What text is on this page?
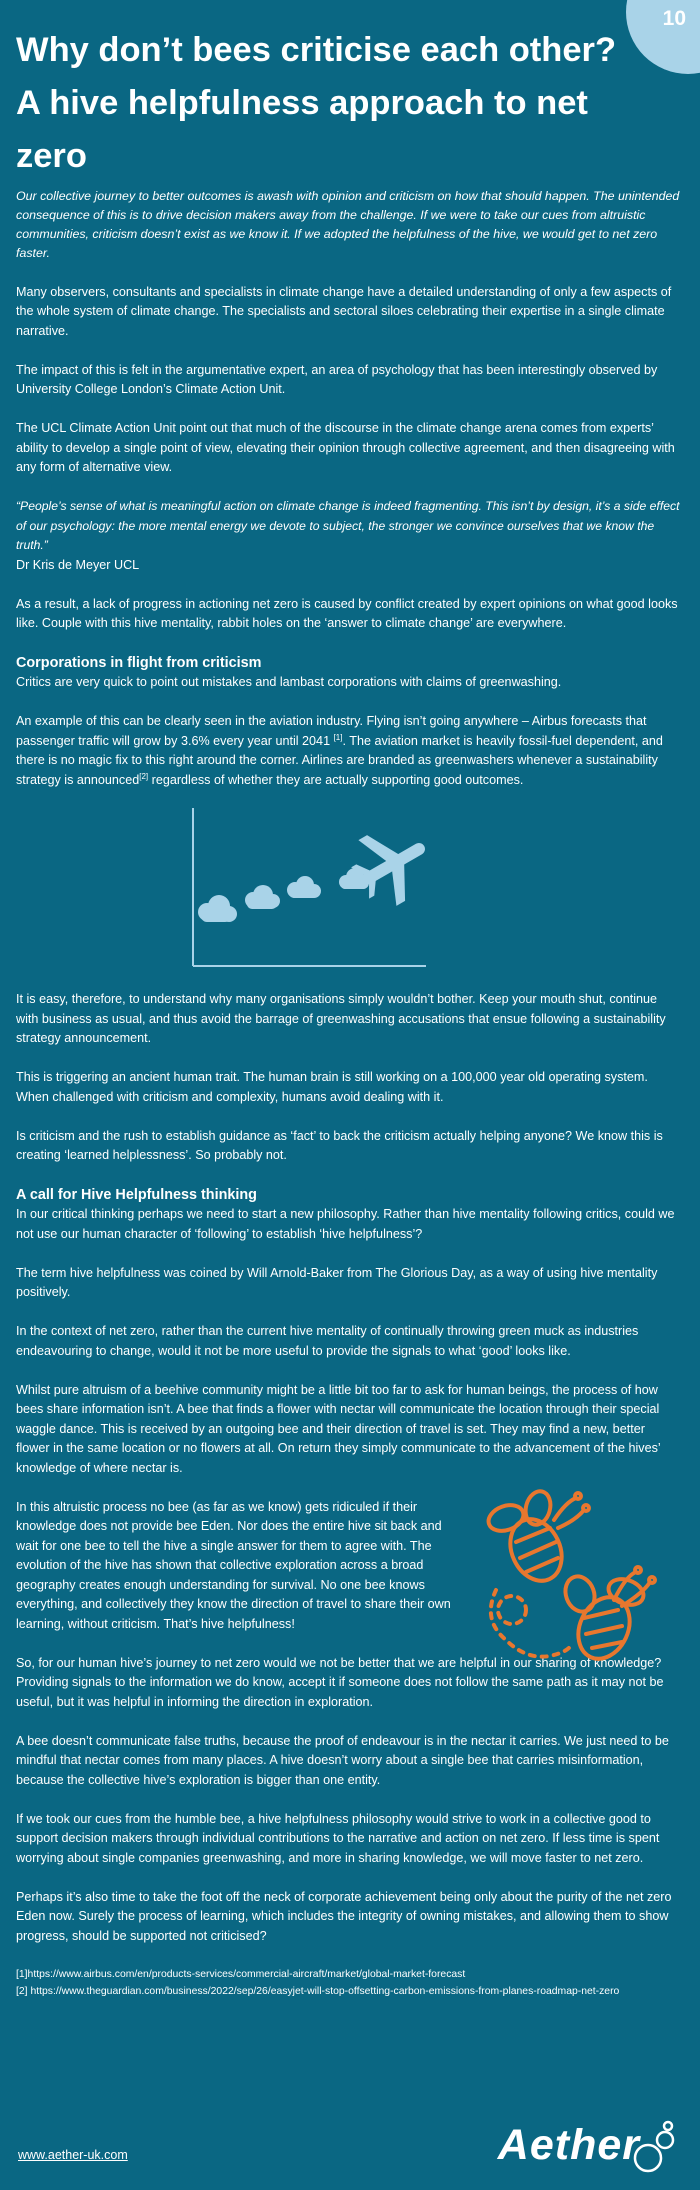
10
Why don’t bees criticise each other? A hive helpfulness approach to net zero

Our collective journey to better outcomes is awash with opinion and criticism on how that should happen. The unintended consequence of this is to drive decision makers away from the challenge. If we were to take our cues from altruistic communities, criticism doesn’t exist as we know it. If we adopted the helpfulness of the hive, we would get to net zero faster.

Many observers, consultants and specialists in climate change have a detailed understanding of only a few aspects of the whole system of climate change. The specialists and sectoral siloes celebrating their expertise in a single climate narrative.

The impact of this is felt in the argumentative expert, an area of psychology that has been interestingly observed by University College London’s Climate Action Unit.

The UCL Climate Action Unit point out that much of the discourse in the climate change arena comes from experts’ ability to develop a single point of view, elevating their opinion through collective agreement, and then disagreeing with any form of alternative view.

“People’s sense of what is meaningful action on climate change is indeed fragmenting. This isn’t by design, it’s a side effect of our psychology: the more mental energy we devote to subject, the stronger we convince ourselves that we know the truth.”

Dr Kris de Meyer UCL

As a result, a lack of progress in actioning net zero is caused by conflict created by expert opinions on what good looks like. Couple with this hive mentality, rabbit holes on the ‘answer to climate change’ are everywhere.

Corporations in flight from criticism

Critics are very quick to point out mistakes and lambast corporations with claims of greenwashing.

An example of this can be clearly seen in the aviation industry. Flying isn’t going anywhere – Airbus forecasts that passenger traffic will grow by 3.6% every year until 2041 [1]. The aviation market is heavily fossil-fuel dependent, and there is no magic fix to this right around the corner. Airlines are branded as greenwashers whenever a sustainability strategy is announced[2] regardless of whether they are actually supporting good outcomes.

It is easy, therefore, to understand why many organisations simply wouldn’t bother. Keep your mouth shut, continue with business as usual, and thus avoid the barrage of greenwashing accusations that ensue following a sustainability strategy announcement.

This is triggering an ancient human trait. The human brain is still working on a 100,000 year old operating system. When challenged with criticism and complexity, humans avoid dealing with it.

Is criticism and the rush to establish guidance as ‘fact’ to back the criticism actually helping anyone? We know this is creating ‘learned helplessness’. So probably not.

A call for Hive Helpfulness thinking

In our critical thinking perhaps we need to start a new philosophy. Rather than hive mentality following critics, could we not use our human character of ‘following’ to establish ‘hive helpfulness’?

The term hive helpfulness was coined by Will Arnold-Baker from The Glorious Day, as a way of using hive mentality positively.

In the context of net zero, rather than the current hive mentality of continually throwing green muck as industries endeavouring to change, would it not be more useful to provide the signals to what ‘good’ looks like.

Whilst pure altruism of a beehive community might be a little bit too far to ask for human beings, the process of how bees share information isn’t. A bee that finds a flower with nectar will communicate the location through their special waggle dance. This is received by an outgoing bee and their direction of travel is set. They may find a new, better flower in the same location or no flowers at all. On return they simply communicate to the advancement of the hives’ knowledge of where nectar is.

In this altruistic process no bee (as far as we know) gets ridiculed if their knowledge does not provide bee Eden. Nor does the entire hive sit back and wait for one bee to tell the hive a single answer for them to agree with. The evolution of the hive has shown that collective exploration across a broad geography creates enough understanding for survival. No one bee knows everything, and collectively they know the direction of travel to share their own learning, without criticism. That’s hive helpfulness!

So, for our human hive’s journey to net zero would we not be better that we are helpful in our sharing of knowledge? Providing signals to the information we do know, accept it if someone does not follow the same path as it may not be useful, but it was helpful in informing the direction in exploration.

A bee doesn’t communicate false truths, because the proof of endeavour is in the nectar it carries. We just need to be mindful that nectar comes from many places. A hive doesn’t worry about a single bee that carries misinformation, because the collective hive’s exploration is bigger than one entity.

If we took our cues from the humble bee, a hive helpfulness philosophy would strive to work in a collective good to support decision makers through individual contributions to the narrative and action on net zero. If less time is spent worrying about single companies greenwashing, and more in sharing knowledge, we will move faster to net zero.

Perhaps it’s also time to take the foot off the neck of corporate achievement being only about the purity of the net zero Eden now. Surely the process of learning, which includes the integrity of owning mistakes, and allowing them to show progress, should be supported not criticised?

[1]https://www.airbus.com/en/products-services/commercial-aircraft/market/global-market-forecast

[2] https://www.theguardian.com/business/2022/sep/26/easyjet-will-stop-offsetting-carbon-emissions-from-planes-roadmap-net-zero

www.aether-uk.com	Aether
